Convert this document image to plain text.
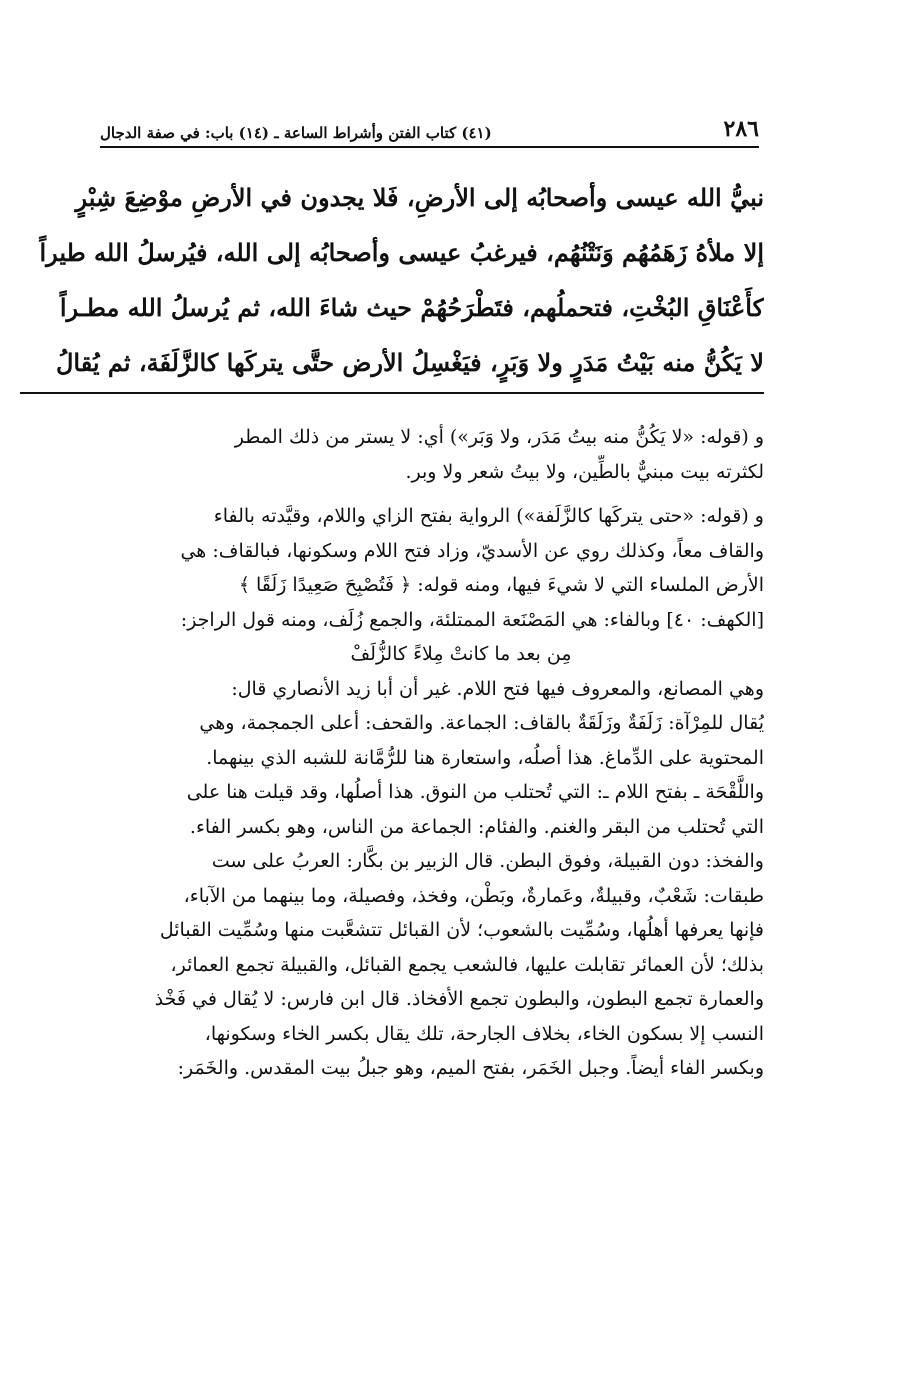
٢٨٦
(٤١) كتاب الفتن وأشراط الساعة ـ (١٤) باب: في صفة الدجال
نبيُّ الله عيسى وأصحابُه إلى الأرضِ، فَلا يجدون في الأرضِ موْضِعَ شِبْرٍ
إلا ملأهُ زَهَمُهُم وَنَتْنُهُم، فيرغبُ عيسى وأصحابُه إلى الله، فيُرسلُ الله طيراً
كأَعْنَاقِ البُخْتِ، فتحملُهم، فتَطْرَحُهُمْ حيث شاءَ الله، ثم يُرسلُ الله مطـراً
لا يَكُنُّ منه بَيْتُ مَدَرٍ ولا وَبَرٍ، فيَغْسِلُ الأرض حتَّى يتركَها كالزَّلَفَة، ثم يُقالُ
و (قوله: «لا يَكُنُّ منه بيتُ مَدَر، ولا وَبَر») أي: لا يستر من ذلك المطر
لكثرته بيت مبنيٌّ بالطِّين، ولا بيتُ شعر ولا وبر.
و (قوله: «حتى يتركَها كالزَّلَفة») الرواية بفتح الزاي واللام، وقيَّدته بالفاء
والقاف معاً، وكذلك روي عن الأسديّ، وزاد فتح اللام وسكونها، فبالقاف: هي
الأرض الملساء التي لا شيءَ فيها، ومنه قوله: ﴿ فَتُصْبِحَ صَعِيدًا زَلَقًا ﴾
[الكهف: ٤٠] وبالفاء: هي المَصْنَعة الممتلئة، والجمع زُلَف، ومنه قول الراجز:
مِن بعد ما كانتْ مِلاءً كالزُّلَفْ
وهي المصانع، والمعروف فيها فتح اللام. غير أن أبا زيد الأنصاري قال:
يُقال للمِرْآة: زَلَفَةٌ وزَلَقَةٌ بالقاف: الجماعة. والقحف: أعلى الجمجمة، وهي
المحتوية على الدِّماغ. هذا أصلُه، واستعارة هنا للرُّمَّانة للشبه الذي بينهما.
واللَّقْحَة ـ بفتح اللام ـ: التي تُحتلب من النوق. هذا أصلُها، وقد قيلت هنا على
التي تُحتلب من البقر والغنم. والفئام: الجماعة من الناس، وهو بكسر الفاء.
والفخذ: دون القبيلة، وفوق البطن. قال الزبير بن بكَّار: العربُ على ست
طبقات: شَعْبٌ، وقبيلةٌ، وعَمارةٌ، وبَطْن، وفخذ، وفصيلة، وما بينهما من الآباء،
فإنها يعرفها أهلُها، وسُمِّيت بالشعوب؛ لأن القبائل تتشعَّبت منها وسُمِّيت القبائل
بذلك؛ لأن العمائر تقابلت عليها، فالشعب يجمع القبائل، والقبيلة تجمع العمائر،
والعمارة تجمع البطون، والبطون تجمع الأفخاذ. قال ابن فارس: لا يُقال في فَخْذ
النسب إلا بسكون الخاء، بخلاف الجارحة، تلك يقال بكسر الخاء وسكونها،
وبكسر الفاء أيضاً. وجبل الخَمَر، بفتح الميم، وهو جبلُ بيت المقدس. والخَمَر:
